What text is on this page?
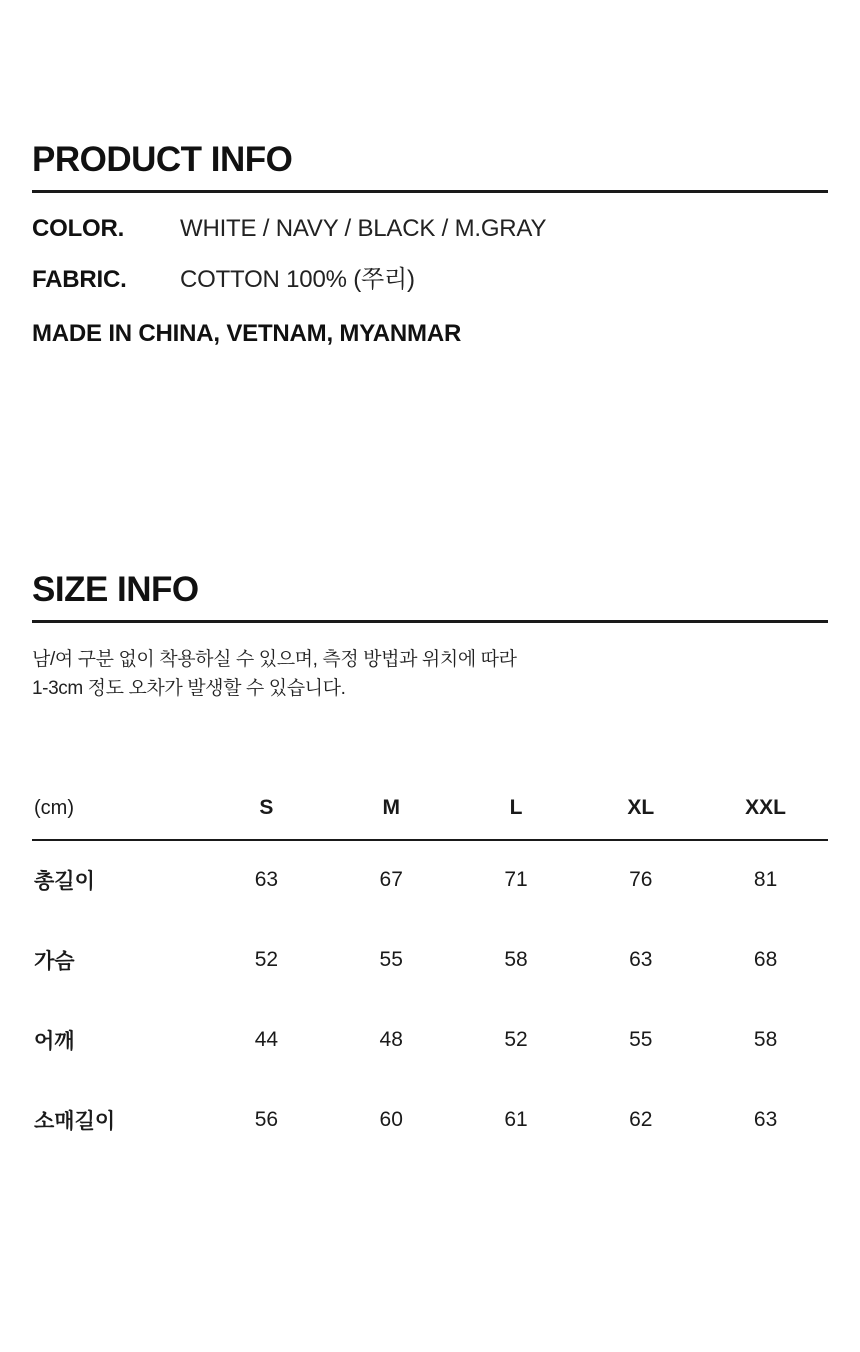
PRODUCT INFO
COLOR.	WHITE / NAVY / BLACK / M.GRAY
FABRIC.	COTTON 100% (쭈리)
MADE IN CHINA, VETNAM, MYANMAR
SIZE INFO
남/여 구분 없이 착용하실 수 있으며, 측정 방법과 위치에 따라
1-3cm 정도 오차가 발생할 수 있습니다.
(cm)	S	M	L	XL	XXL
총길이	63	67	71	76	81
가슴	52	55	58	63	68
어깨	44	48	52	55	58
소매길이	56	60	61	62	63
